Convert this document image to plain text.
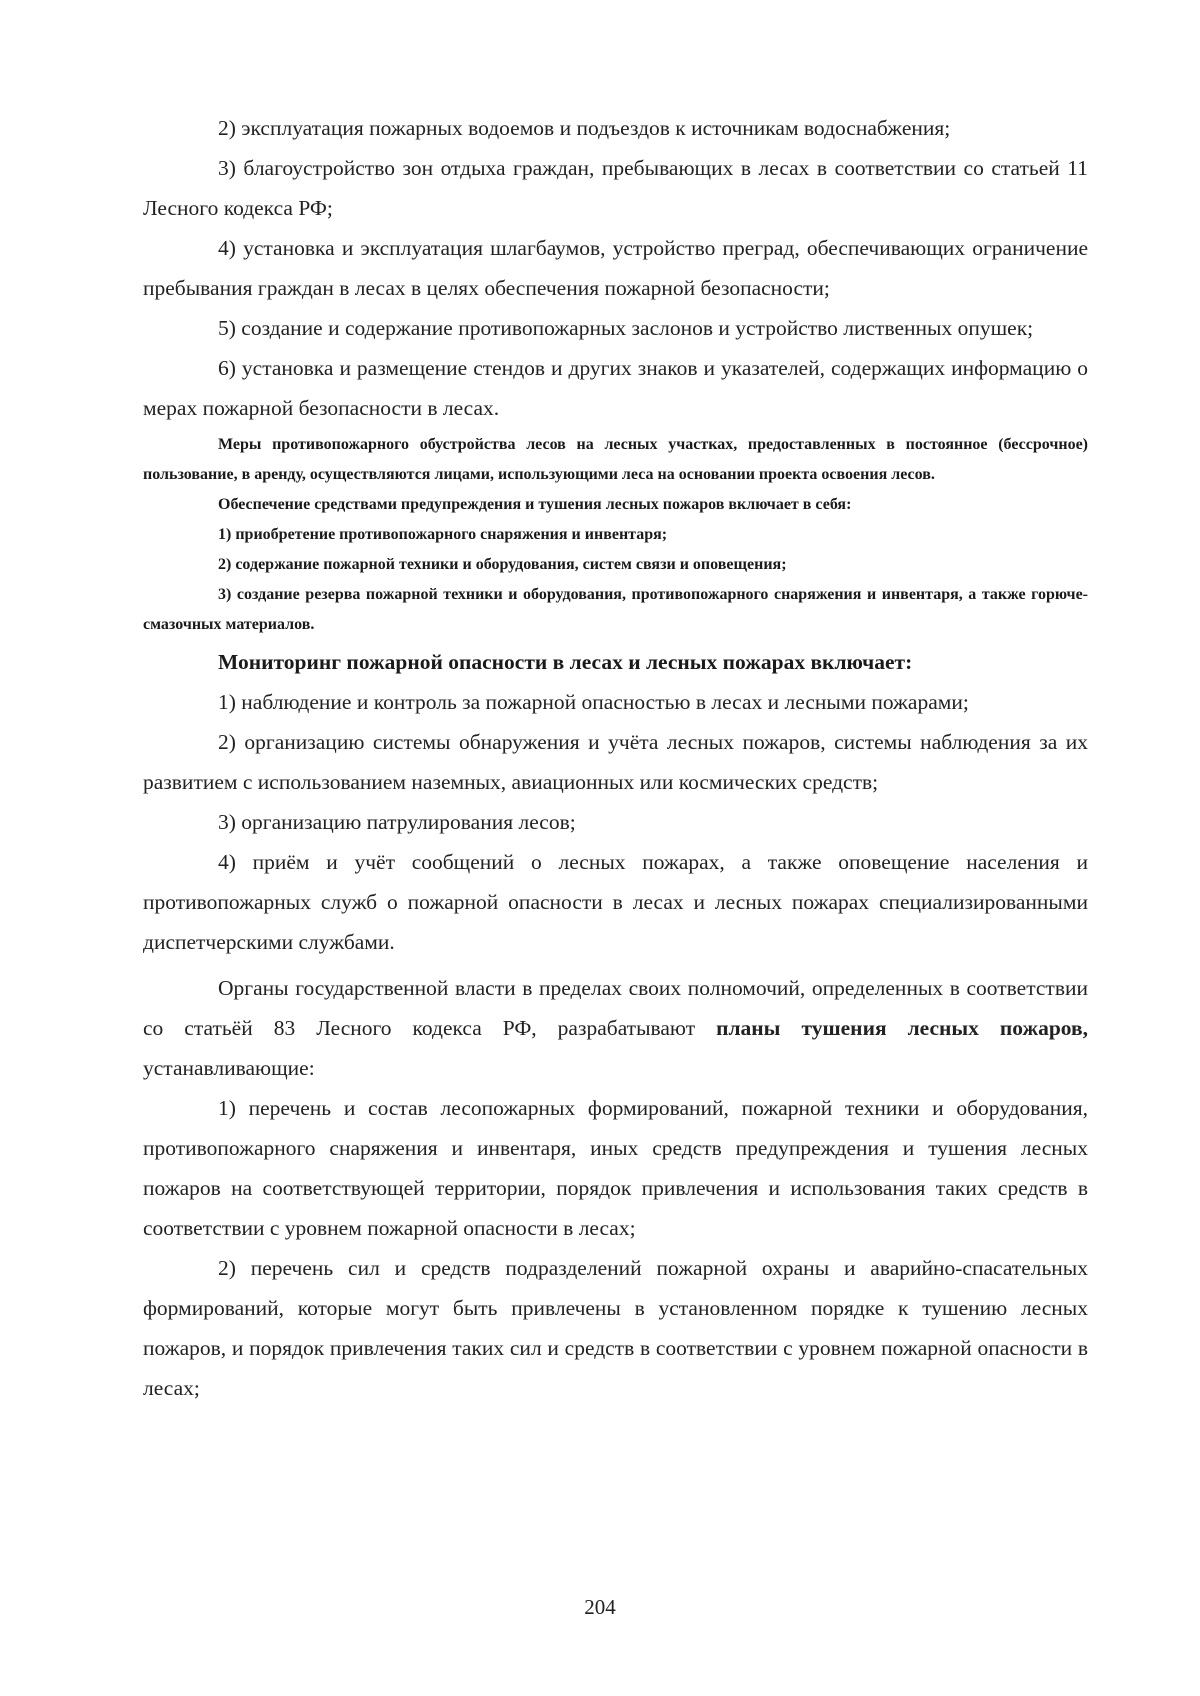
2) эксплуатация пожарных водоемов и подъездов к источникам водоснабжения;

3) благоустройство зон отдыха граждан, пребывающих в лесах в соответствии со статьей 11 Лесного кодекса РФ;

4) установка и эксплуатация шлагбаумов, устройство преград, обеспечивающих ограничение пребывания граждан в лесах в целях обеспечения пожарной безопасности;

5) создание и содержание противопожарных заслонов и устройство лиственных опушек;

6) установка и размещение стендов и других знаков и указателей, содержащих информацию о мерах пожарной безопасности в лесах.

Меры противопожарного обустройства лесов на лесных участках, предоставленных в постоянное (бессрочное) пользование, в аренду, осуществляются лицами, использующими леса на основании проекта освоения лесов.

Обеспечение средствами предупреждения и тушения лесных пожаров включает в себя:

1) приобретение противопожарного снаряжения и инвентаря;

2) содержание пожарной техники и оборудования, систем связи и оповещения;

3) создание резерва пожарной техники и оборудования, противопожарного снаряжения и инвентаря, а также горюче-смазочных материалов.

Мониторинг пожарной опасности в лесах и лесных пожарах включает:

1) наблюдение и контроль за пожарной опасностью в лесах и лесными пожарами;

2) организацию системы обнаружения и учёта лесных пожаров, системы наблюдения за их развитием с использованием наземных, авиационных или космических средств;

3) организацию патрулирования лесов;

4) приём и учёт сообщений о лесных пожарах, а также оповещение населения и противопожарных служб о пожарной опасности в лесах и лесных пожарах специализированными диспетчерскими службами.

Органы государственной власти в пределах своих полномочий, определенных в соответствии со статьёй 83 Лесного кодекса РФ, разрабатывают планы тушения лесных пожаров, устанавливающие:

1) перечень и состав лесопожарных формирований, пожарной техники и оборудования, противопожарного снаряжения и инвентаря, иных средств предупреждения и тушения лесных пожаров на соответствующей территории, порядок привлечения и использования таких средств в соответствии с уровнем пожарной опасности в лесах;

2) перечень сил и средств подразделений пожарной охраны и аварийно-спасательных формирований, которые могут быть привлечены в установленном порядке к тушению лесных пожаров, и порядок привлечения таких сил и средств в соответствии с уровнем пожарной опасности в лесах;

204
